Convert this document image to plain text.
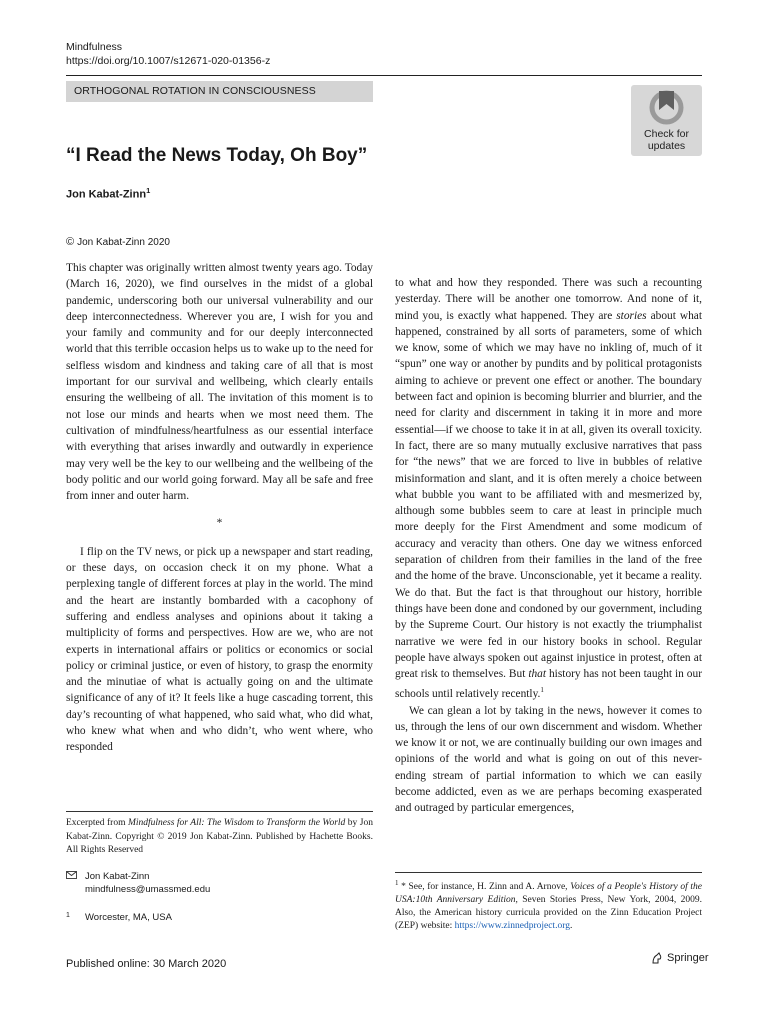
Mindfulness
https://doi.org/10.1007/s12671-020-01356-z
ORTHOGONAL ROTATION IN CONSCIOUSNESS
Check for
updates
“I Read the News Today, Oh Boy”
Jon Kabat-Zinn$^1$
© Jon Kabat-Zinn 2020

This chapter was originally written almost twenty years ago. Today (March 16, 2020), we find ourselves in the midst of a global pandemic, underscoring both our universal vulnerability and our deep interconnectedness. Wherever you are, I wish for you and your family and community and for our deeply interconnected world that this terrible occasion helps us to wake up to the need for selfless wisdom and kindness and taking care of all that is most important for our survival and wellbeing, which clearly entails ensuring the wellbeing of all. The invitation of this moment is to not lose our minds and hearts when we most need them. The cultivation of mindfulness/heartfulness as our essential interface with everything that arises inwardly and outwardly in experience may very well be the key to our wellbeing and the wellbeing of the body politic and our world going forward. May all be safe and free from inner and outer harm.

*

I flip on the TV news, or pick up a newspaper and start reading, or these days, on occasion check it on my phone. What a perplexing tangle of different forces at play in the world. The mind and the heart are instantly bombarded with a cacophony of suffering and endless analyses and opinions about it taking a multiplicity of forms and perspectives. How are we, who are not experts in international affairs or politics or economics or social policy or criminal justice, or even of history, to grasp the enormity and the minutiae of what is actually going on and the ultimate significance of any of it? It feels like a huge cascading torrent, this day’s recounting of what happened, who said what, who did what, who knew what when and who didn’t, who went where, who responded

to what and how they responded. There was such a recounting yesterday. There will be another one tomorrow. And none of it, mind you, is exactly what happened. They are stories about what happened, constrained by all sorts of parameters, some of which we know, some of which we may have no inkling of, much of it “spun” one way or another by pundits and by political protagonists aiming to achieve or prevent one effect or another. The boundary between fact and opinion is becoming blurrier and blurrier, and the need for clarity and discernment in taking it in more and more essential—if we choose to take it in at all, given its overall toxicity. In fact, there are so many mutually exclusive narratives that pass for “the news” that we are forced to live in bubbles of relative misinformation and slant, and it is often merely a choice between what bubble you want to be affiliated with and mesmerized by, although some bubbles seem to care at least in principle much more deeply for the First Amendment and some modicum of accuracy and veracity than others. One day we witness enforced separation of children from their families in the land of the free and the home of the brave. Unconscionable, yet it became a reality. We do that. But the fact is that throughout our history, horrible things have been done and condoned by our government, including by the Supreme Court. Our history is not exactly the triumphalist narrative we were fed in our history books in school. Regular people have always spoken out against injustice in protest, often at great risk to themselves. But that history has not been taught in our schools until relatively recently.$^1$

We can glean a lot by taking in the news, however it comes to us, through the lens of our own discernment and wisdom. Whether we know it or not, we are continually building our own images and opinions of the world and what is going on out of this never-ending stream of partial information to which we can easily become addicted, even as we are perhaps becoming exasperated and outraged by particular emergences,

Excerpted from Mindfulness for All: The Wisdom to Transform the World by Jon Kabat-Zinn. Copyright © 2019 Jon Kabat-Zinn. Published by Hachette Books. All Rights Reserved
Jon Kabat-Zinn
mindfulness@umassmed.edu
1	Worcester, MA, USA
$^1$ * See, for instance, H. Zinn and A. Arnove, Voices of a People's History of the USA:10th Anniversary Edition, Seven Stories Press, New York, 2004, 2009. Also, the American history curricula provided on the Zinn Education Project (ZEP) website: https://www.zinnedproject.org.
Published online: 30 March 2020	Springer
